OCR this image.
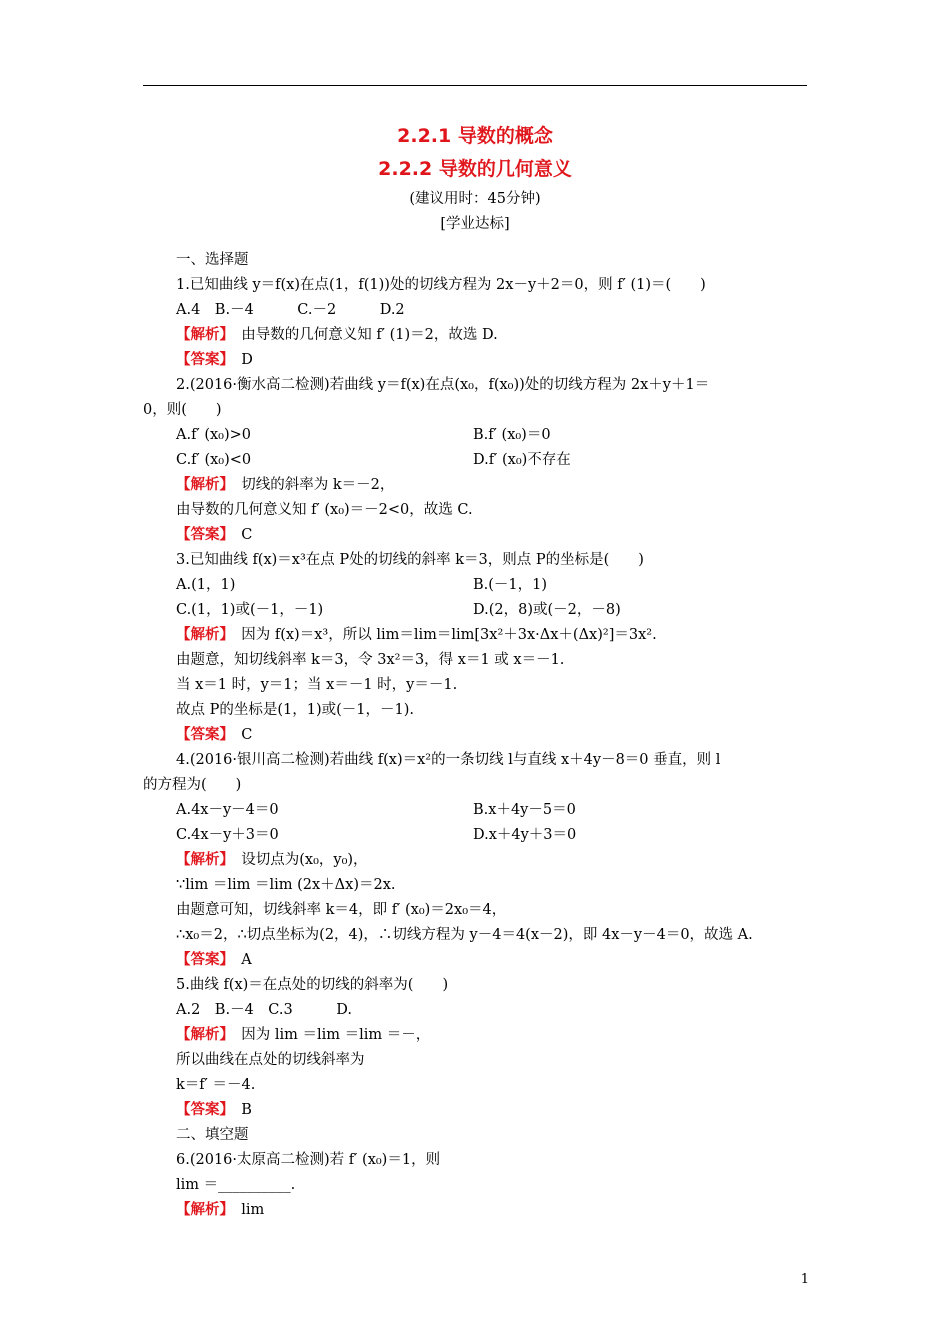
2.2.1 导数的概念
2.2.2 导数的几何意义
(建议用时：45分钟)
[学业达标]
一、选择题
1.已知曲线 y＝f(x)在点(1，f(1))处的切线方程为 2x－y＋2＝0，则 f′ (1)＝(　　)
A.4　B.－4　　　C.－2　　　D.2
【 解析 】　由导数的几何意义知 f′ (1)＝2，故选 D.
【 答案 】　D
2.(2016·衡水高二检测)若曲线 y＝f(x)在点(x₀，f(x₀))处的切线方程为 2x＋y＋1＝
0，则(　　)
A.f′ (x₀)>0	B.f′ (x₀)＝0
C.f′ (x₀)<0	D.f′ (x₀)不存在
【 解析 】　切线的斜率为 k＝－2，
由导数的几何意义知 f′ (x₀)＝－2<0，故选 C.
【 答案 】　C
3.已知曲线 f(x)＝x³在点 P处的切线的斜率 k＝3，则点 P的坐标是(　　)
A.(1，1)	B.(－1，1)
C.(1，1)或(－1，－1)	D.(2，8)或(－2，－8)
【 解析 】　因为 f(x)＝x³，所以 lim＝lim＝lim[3x²＋3x·Δx＋(Δx)²]＝3x².
由题意，知切线斜率 k＝3，令 3x²＝3，得 x＝1 或 x＝－1.
当 x＝1 时，y＝1；当 x＝－1 时，y＝－1.
故点 P的坐标是(1，1)或(－1，－1).
【 答案 】　C
4.(2016·银川高二检测)若曲线 f(x)＝x²的一条切线 l与直线 x＋4y－8＝0 垂直，则 l
的方程为(　　)
A.4x－y－4＝0	B.x＋4y－5＝0
C.4x－y＋3＝0	D.x＋4y＋3＝0
【 解析 】　设切点为(x₀，y₀)，
∵lim ＝lim ＝lim (2x＋Δx)＝2x.
由题意可知，切线斜率 k＝4，即 f′ (x₀)＝2x₀＝4，
∴x₀＝2，∴切点坐标为(2，4)，∴切线方程为 y－4＝4(x－2)，即 4x－y－4＝0，故选 A.
【 答案 】　A
5.曲线 f(x)＝在点处的切线的斜率为(　　)
A.2　B.－4　C.3　　　D.
【 解析 】　因为 lim ＝lim ＝lim ＝－，
所以曲线在点处的切线斜率为
k＝f′ ＝－4.
【 答案 】　B
二、填空题
6.(2016·太原高二检测)若 f′ (x₀)＝1，则
lim ＝__________.
【 解析 】　lim
1
